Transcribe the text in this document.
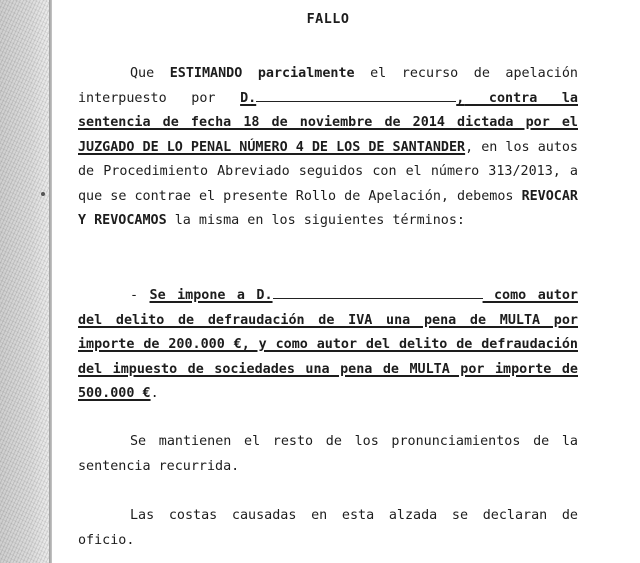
FALLO
Que ESTIMANDO parcialmente el recurso de apelación interpuesto por D.	, contra la sentencia de fecha 18 de noviembre de 2014 dictada por el JUZGADO DE LO PENAL NÚMERO 4 DE LOS DE SANTANDER, en los autos de Procedimiento Abreviado seguidos con el número 313/2013, a que se contrae el presente Rollo de Apelación, debemos REVOCAR Y REVOCAMOS la misma en los siguientes términos:
- Se impone a D.	como autor del delito de defraudación de IVA una pena de MULTA por importe de 200.000 €, y como autor del delito de defraudación del impuesto de sociedades una pena de MULTA por importe de 500.000 €.
Se mantienen el resto de los pronunciamientos de la sentencia recurrida.
Las costas causadas en esta alzada se declaran de oficio.
